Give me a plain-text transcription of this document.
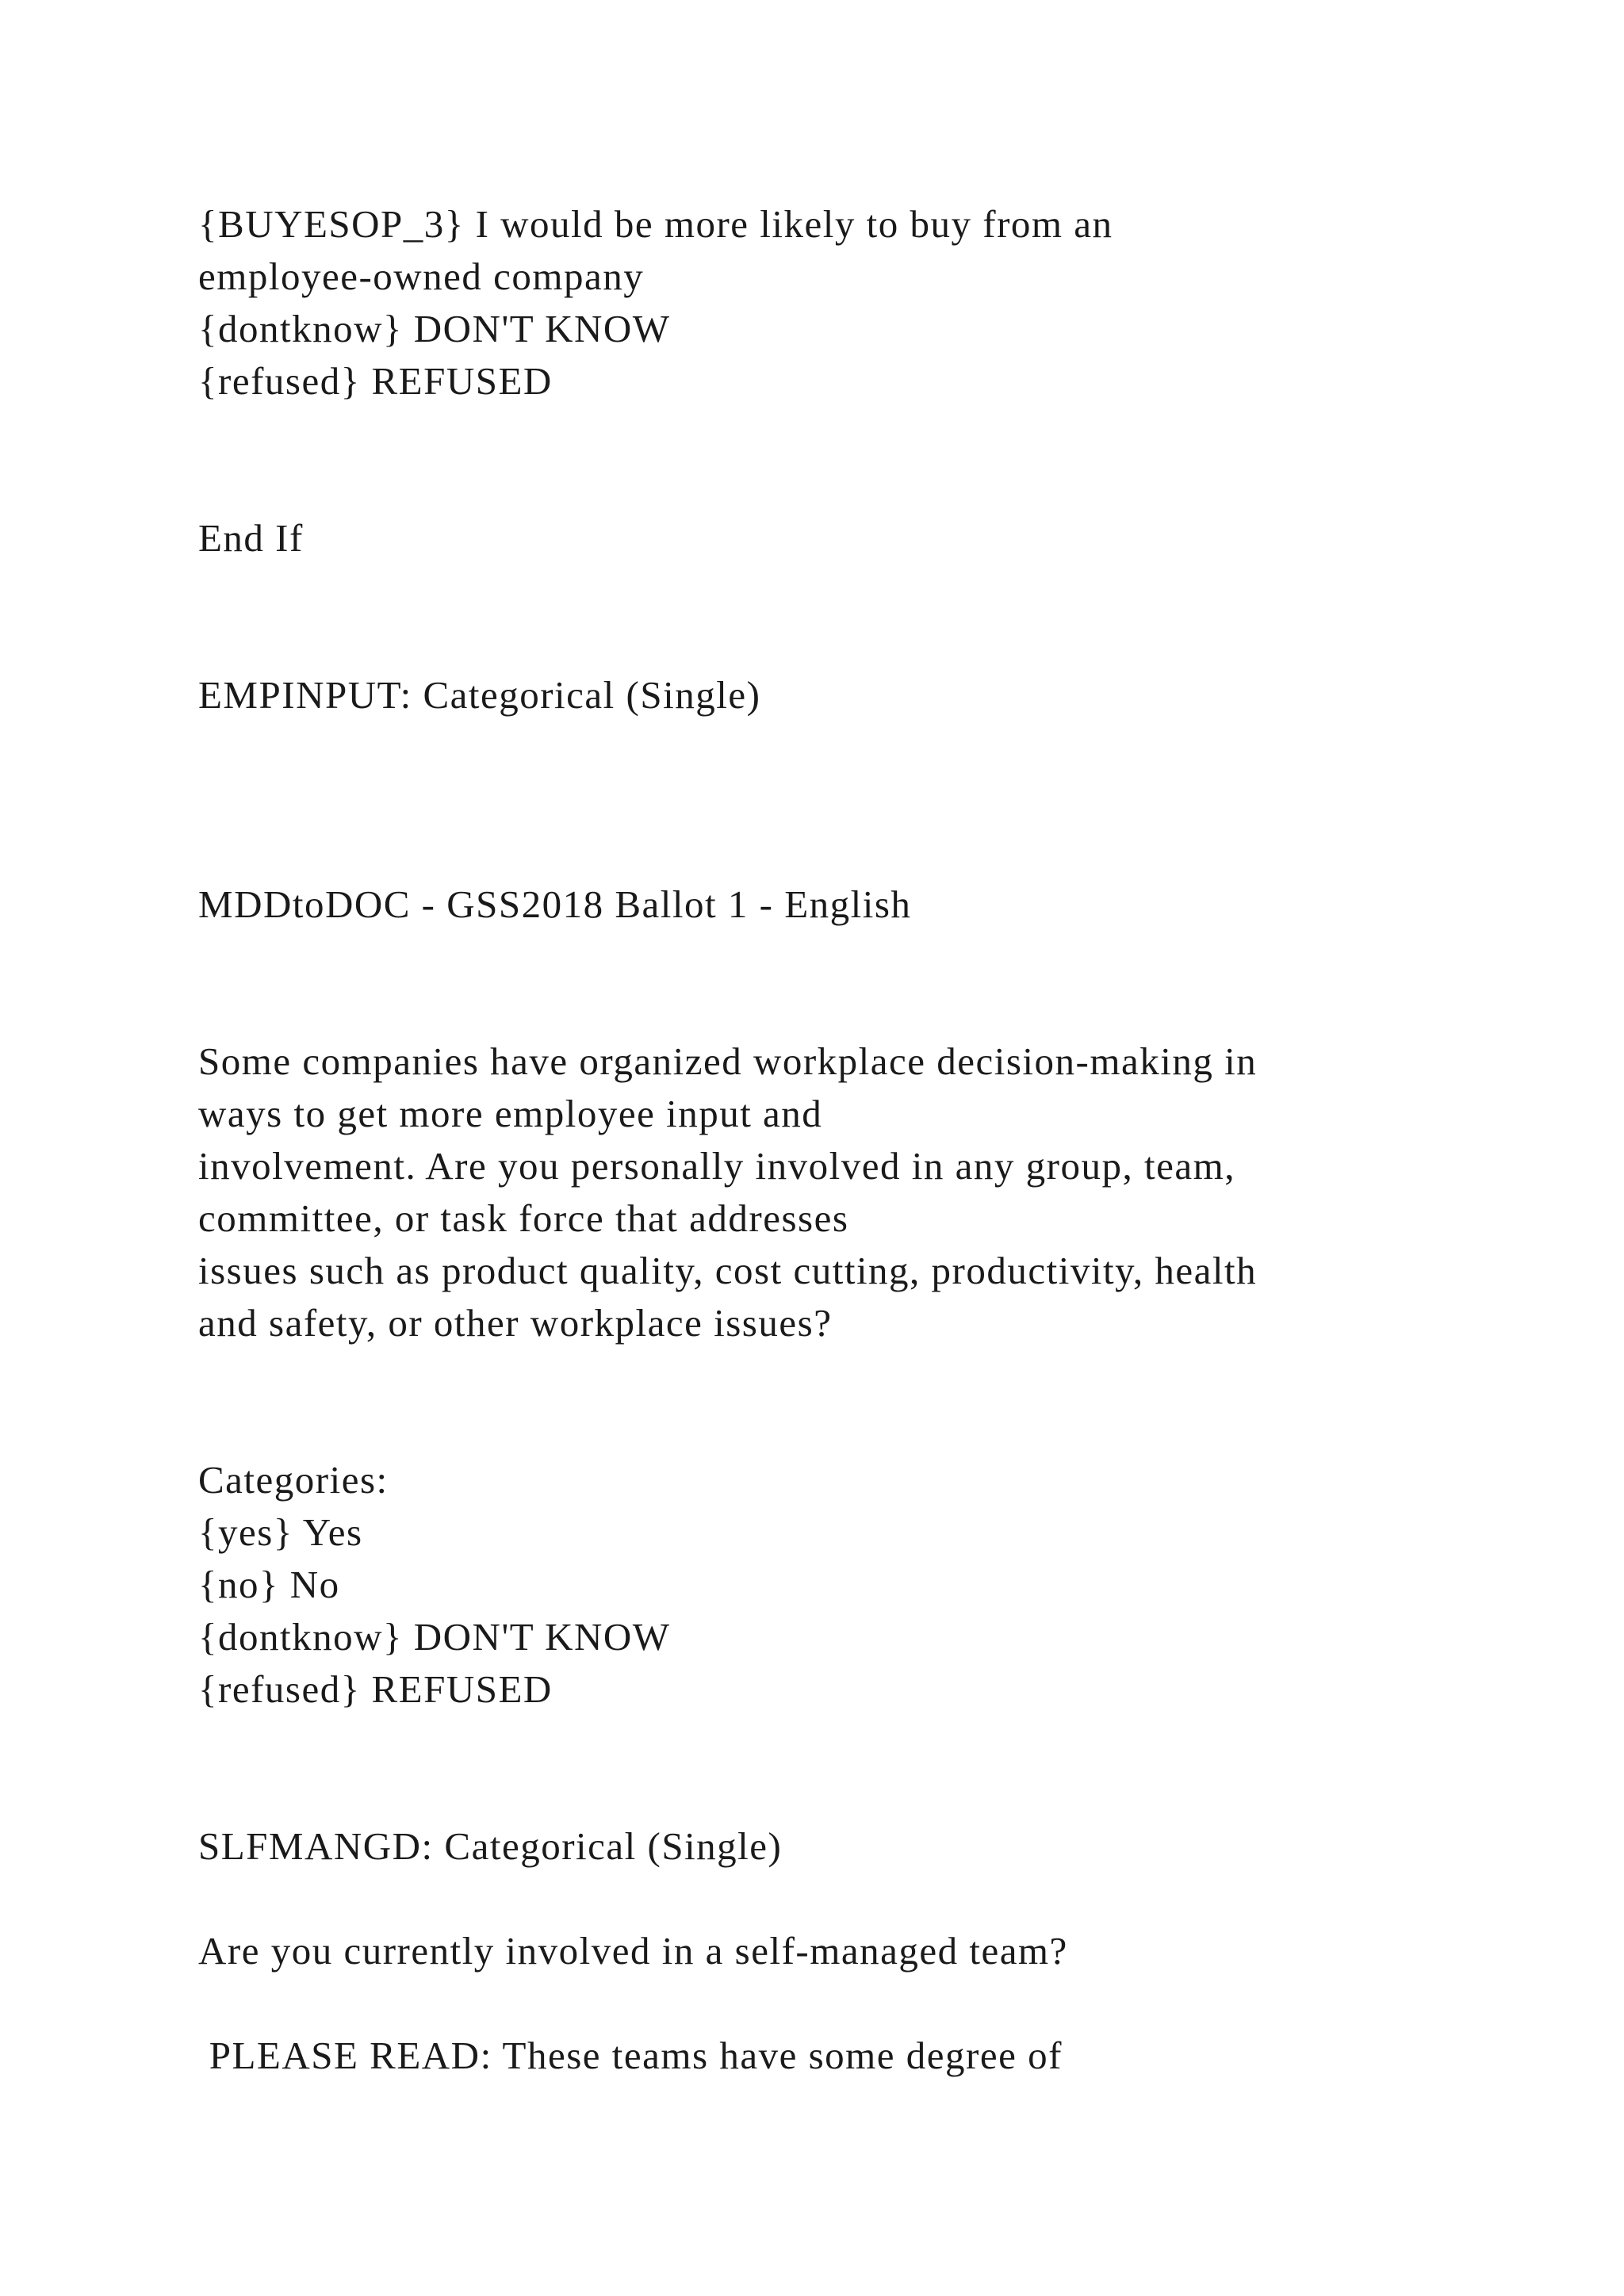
{BUYESOP_3} I would be more likely to buy from an
employee-owned company
{dontknow} DON'T KNOW
{refused} REFUSED
End If
EMPINPUT: Categorical (Single)
MDDtoDOC - GSS2018 Ballot 1 - English
Some companies have organized workplace decision-making in
ways to get more employee input and
involvement. Are you personally involved in any group, team,
committee, or task force that addresses
issues such as product quality, cost cutting, productivity, health
and safety, or other workplace issues?
Categories:
{yes} Yes
{no} No
{dontknow} DON'T KNOW
{refused} REFUSED
SLFMANGD: Categorical (Single)
Are you currently involved in a self-managed team?
PLEASE READ: These teams have some degree of
